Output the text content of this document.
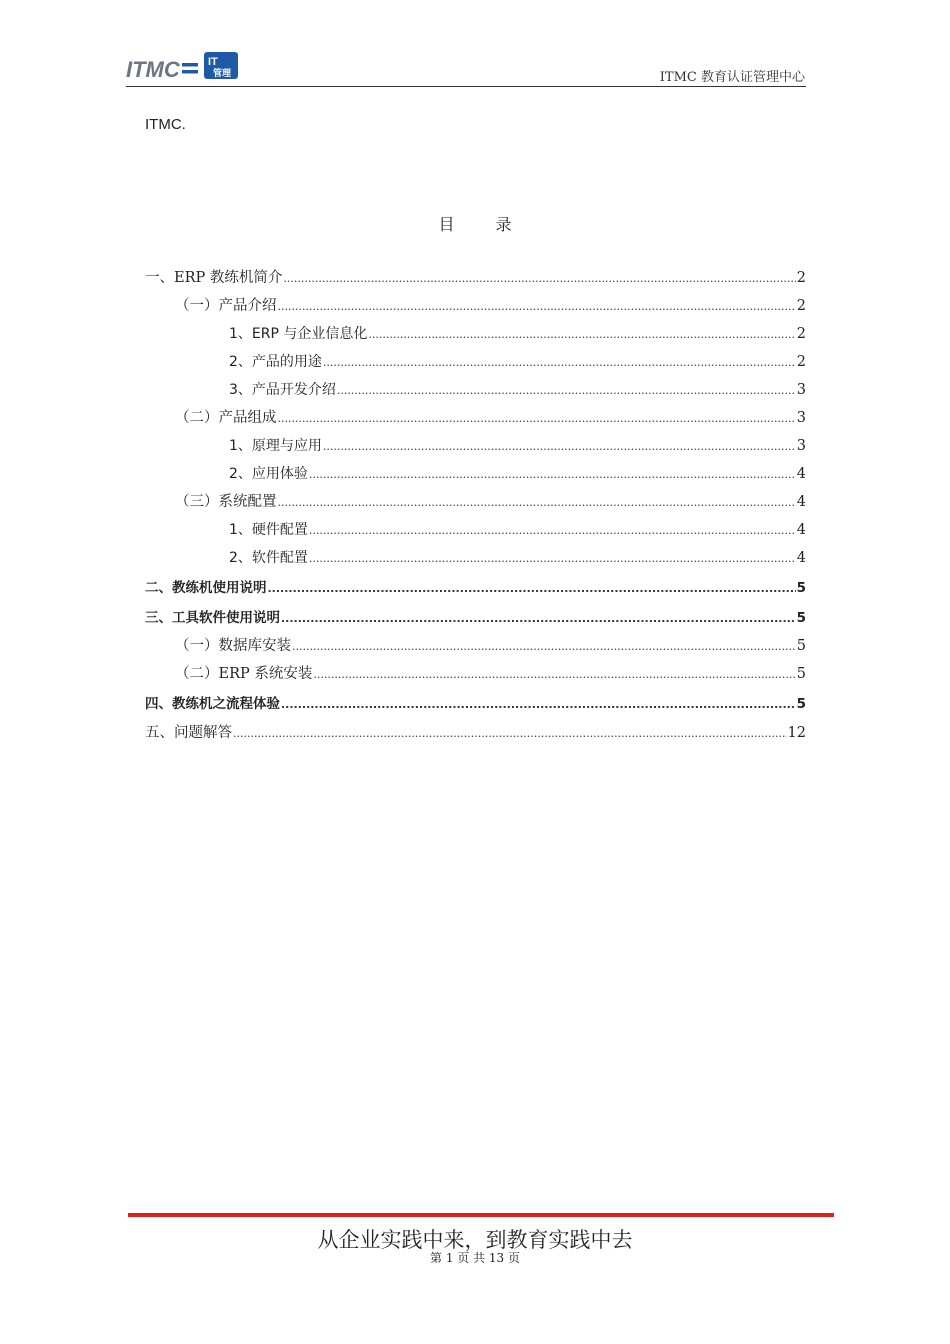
ITMC	IT
管理	ITMC 教育认证管理中心
ITMC.
目 录
一、ERP 教练机简介 .....	2
（一）产品介绍 .....	2
1、ERP 与企业信息化 .....	2
2、产品的用途 .....	2
3、产品开发介绍 .....	3
（二）产品组成 .....	3
1、原理与应用 .....	3
2、应用体验 .....	4
（三）系统配置 .....	4
1、硬件配置 .....	4
2、软件配置 .....	4
二、教练机使用说明 .....	5
三、工具软件使用说明 .....	5
（一）数据库安装 .....	5
（二）ERP 系统安装 .....	5
四、教练机之流程体验 .....	5
五、问题解答 .....	12
从企业实践中来，到教育实践中去
第 1 页 共 13 页
